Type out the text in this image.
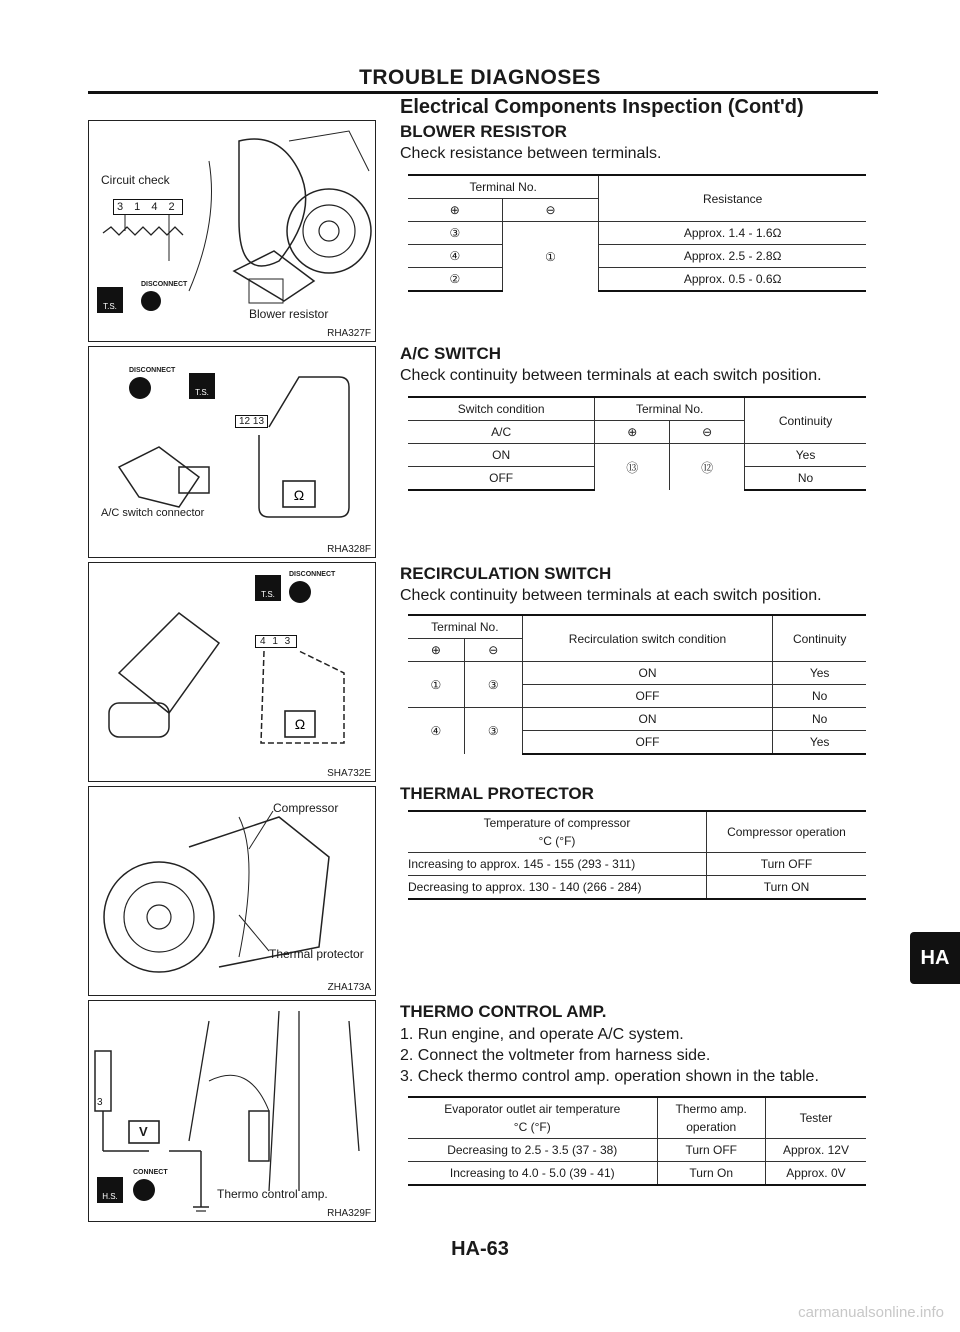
TROUBLE DIAGNOSES
Electrical Components Inspection (Cont'd)
Circuit check
3 1 4 2
T.S.
DISCONNECT
Blower resistor
RHA327F
DISCONNECT
T.S.
12 13
Ω
A/C switch connector
RHA328F
T.S.
DISCONNECT
4 1 3
Ω
SHA732E
Compressor
Thermal protector
ZHA173A
3
V
H.S.
CONNECT
Thermo control amp.
RHA329F
BLOWER RESISTOR
Check resistance between terminals.
Terminal No.		Resistance
⊕	⊖	
③	①	Approx. 1.4 - 1.6Ω
④		Approx. 2.5 - 2.8Ω
②		Approx. 0.5 - 0.6Ω
A/C SWITCH
Check continuity between terminals at each switch position.
Switch condition	Terminal No.		Continuity
A/C	⊕	⊖	
ON	⑬	⑫	Yes
OFF			No
RECIRCULATION SWITCH
Check continuity between terminals at each switch position.
Terminal No.		Recirculation switch condition	Continuity
⊕	⊖		
①	③	ON	Yes
		OFF	No
④	③	ON	No
		OFF	Yes
THERMAL PROTECTOR
Temperature of compressor
°C (°F)	Compressor operation
Increasing to approx. 145 - 155 (293 - 311)	Turn OFF
Decreasing to approx. 130 - 140 (266 - 284)	Turn ON
THERMO CONTROL AMP.
1. Run engine, and operate A/C system.
2. Connect the voltmeter from harness side.
3. Check thermo control amp. operation shown in the table.
Evaporator outlet air temperature
°C (°F)	Thermo amp.
operation	Tester
Decreasing to 2.5 - 3.5 (37 - 38)	Turn OFF	Approx. 12V
Increasing to 4.0 - 5.0 (39 - 41)	Turn On	Approx. 0V
HA
HA-63
carmanualsonline.info
